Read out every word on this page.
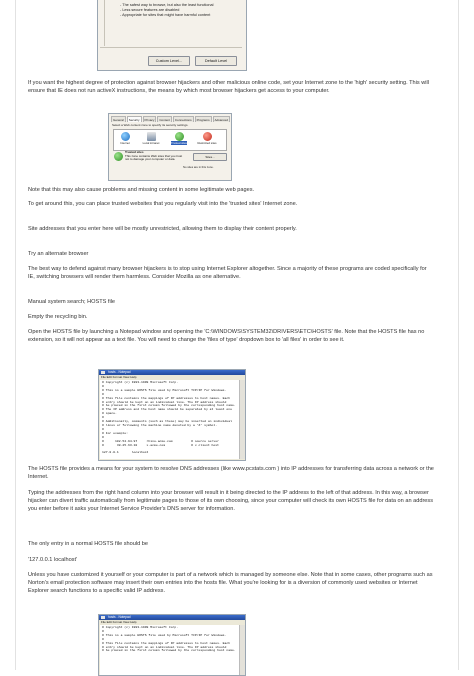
- The safest way to browse, but also the least functional
- Less secure features are disabled
- Appropriate for sites that might have harmful content
Custom Level...	Default Level

If you want the highest degree of protection against browser hijackers and other malicious online code, set your Internet zone to the 'high' security setting. This will ensure that IE does not run activeX instructions, the means by which most browser hijackers get access to your computer.

General	Security	Privacy	Content	Connections	Programs	Advanced
Select a Web content zone to specify its security settings.
Internet	Local intranet	Trusted sites	Restricted sites
Trusted sites
This zone contains Web sites that you trust not to damage your computer or data.
Sites...
No sites are in this zone.

Note that this may also cause problems and missing content in some legitimate web pages.

To get around this, you can place trusted websites that you regularly visit into the 'trusted sites' Internet zone.

Site addresses that you enter here will be mostly unrestricted, allowing them to display their content properly.

Try an alternate browser

The best way to defend against many browser hijackers is to stop using Internet Explorer altogether. Since a majority of these programs are coded specifically for IE, switching browsers will render them harmless. Consider Mozilla as one alternative.

Manual system search; HOSTS file

Empty the recycling bin.

Open the HOSTS file by launching a Notepad window and opening the 'C:\WINDOWS\SYSTEM32\DRIVERS\ETC\HOSTS' file. Note that the HOSTS file has no extension, so it will not appear as a text file. You will need to change the 'files of type' dropdown box to 'all files' in order to see it.

hosts - Notepad
File Edit Format View Help
# Copyright (c) 1993-1999 Microsoft Corp.
#
# This is a sample HOSTS file used by Microsoft TCP/IP for Windows.
#
# This file contains the mappings of IP addresses to host names. Each
# entry should be kept on an individual line. The IP address should
# be placed in the first column followed by the corresponding host name.
# The IP address and the host name should be separated by at least one
# space.
#
# Additionally, comments (such as these) may be inserted on individual
# lines or following the machine name denoted by a '#' symbol.
#
# For example:
#
#      102.54.94.97     rhino.acme.com          # source server
#       38.25.63.10     x.acme.com              # x client host

127.0.0.1       localhost

The HOSTS file provides a means for your system to resolve DNS addresses (like www.pcstats.com ) into IP addresses for transferring data across a network or the Internet.

Typing the addresses from the right hand column into your browser will result in it being directed to the IP address to the left of that address. In this way, a browser hijacker can divert traffic automatically from legitimate pages to those of its own choosing, since your computer will check its own HOSTS file for data on an address you enter before it asks your Internet Service Provider's DNS server for information.

The only entry in a normal HOSTS file should be

'127.0.0.1 localhost'

Unless you have customized it yourself or your computer is part of a network which is managed by someone else. Note that in some cases, other programs such as Norton's email protection software may insert their own entries into the hosts file. What you're looking for is a diversion of commonly used websites or Internet Explorer search functions to a specific valid IP address.

hosts - Notepad
File Edit Format View Help
# Copyright (c) 1993-1999 Microsoft Corp.
#
# This is a sample HOSTS file used by Microsoft TCP/IP for Windows.
#
# This file contains the mappings of IP addresses to host names. Each
# entry should be kept on an individual line. The IP address should
# be placed in the first column followed by the corresponding host name.
